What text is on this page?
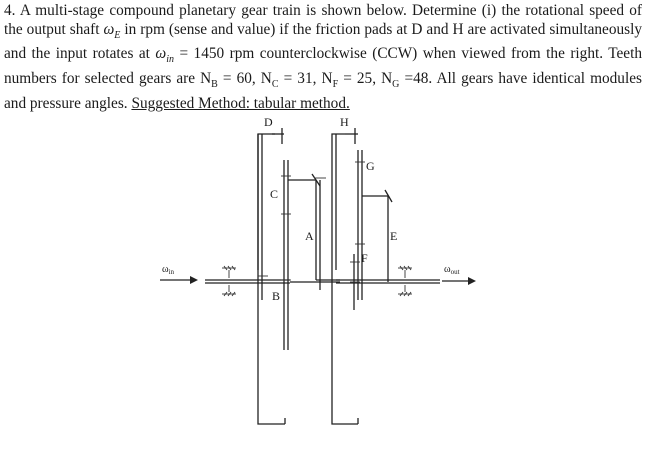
4. A multi-stage compound planetary gear train is shown below. Determine (i) the rotational speed of the output shaft $\omega_E$ in rpm (sense and value) if the friction pads at D and H are activated simultaneously and the input rotates at $\omega_{in} = 1450$ rpm counterclockwise (CCW) when viewed from the right. Teeth numbers for selected gears are $N_B = 60$, $N_C = 31$, $N_F = 25$, $N_G =48$. All gears have identical modules and pressure angles. Suggested Method: tabular method.
$\omega_{in}$
D
C
B
A
H
G
F
E
$\omega_{out}$
